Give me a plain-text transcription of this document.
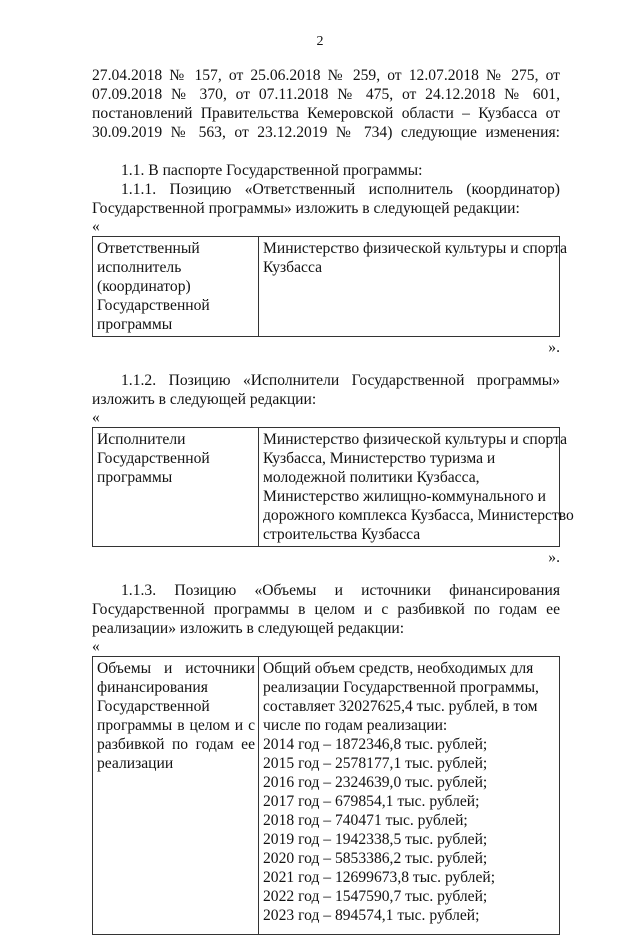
2
27.04.2018 № 157, от 25.06.2018 № 259, от 12.07.2018 № 275, от
07.09.2018 № 370, от 07.11.2018 № 475, от 24.12.2018 № 601,
постановлений Правительства Кемеровской области – Кузбасса от
30.09.2019 № 563, от 23.12.2019 № 734) следующие изменения:
1.1. В паспорте Государственной программы:
1.1.1. Позицию «Ответственный исполнитель (координатор)
Государственной программы» изложить в следующей редакции:
«
Ответственный
исполнитель
(координатор)
Государственной
программы

Министерство физической культуры и спорта
Кузбасса
».
1.1.2. Позицию «Исполнители Государственной программы»
изложить в следующей редакции:
«
Исполнители
Государственной
программы

Министерство физической культуры и спорта
Кузбасса, Министерство туризма и
молодежной политики Кузбасса,
Министерство жилищно-коммунального и
дорожного комплекса Кузбасса, Министерство
строительства Кузбасса
».
1.1.3. Позицию «Объемы и источники финансирования
Государственной программы в целом и с разбивкой по годам ее
реализации» изложить в следующей редакции:
«
Объемы и источники
финансирования
Государственной
программы в целом и с
разбивкой по годам ее
реализации

Общий объем средств, необходимых для
реализации Государственной программы,
составляет 32027625,4 тыс. рублей, в том
числе по годам реализации:
2014 год – 1872346,8 тыс. рублей;
2015 год – 2578177,1 тыс. рублей;
2016 год – 2324639,0 тыс. рублей;
2017 год – 679854,1 тыс. рублей;
2018 год – 740471 тыс. рублей;
2019 год – 1942338,5 тыс. рублей;
2020 год – 5853386,2 тыс. рублей;
2021 год – 12699673,8 тыс. рублей;
2022 год – 1547590,7 тыс. рублей;
2023 год – 894574,1 тыс. рублей;
